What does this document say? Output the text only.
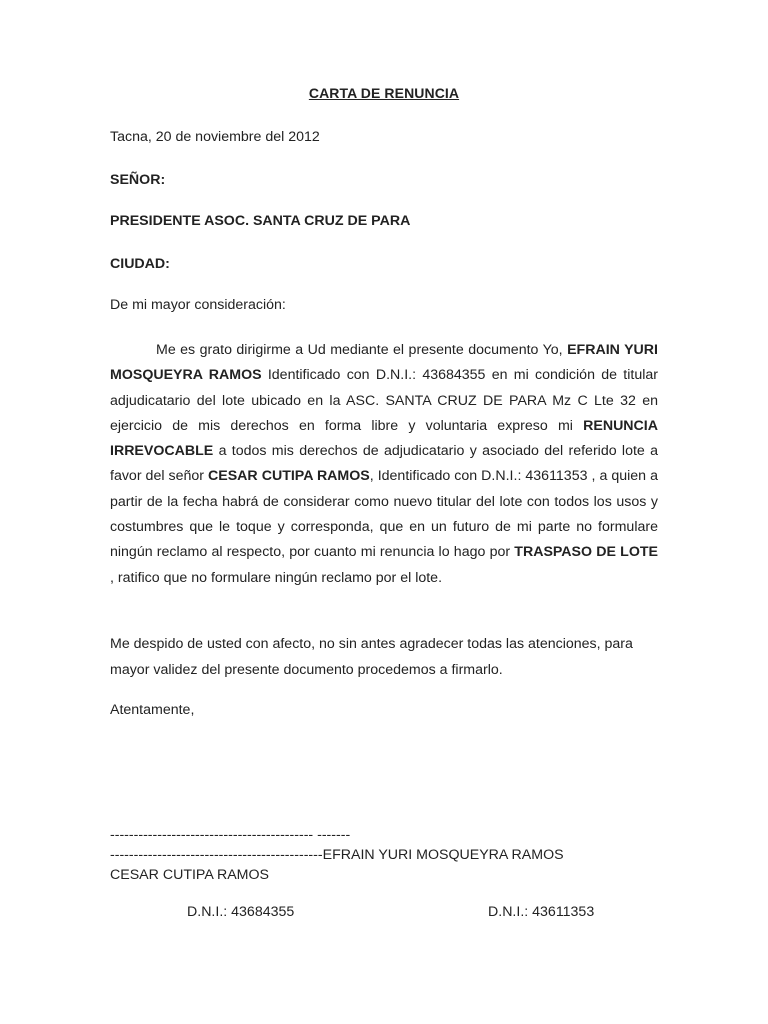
CARTA DE RENUNCIA
Tacna, 20 de noviembre del 2012
SEÑOR:
PRESIDENTE ASOC. SANTA CRUZ DE PARA
CIUDAD:
De mi mayor consideración:
Me es grato dirigirme a Ud mediante el presente documento Yo, EFRAIN YURI MOSQUEYRA RAMOS Identificado con D.N.I.: 43684355 en mi condición de titular adjudicatario del lote ubicado en la ASC. SANTA CRUZ DE PARA Mz C Lte 32 en ejercicio de mis derechos en forma libre y voluntaria expreso mi RENUNCIA IRREVOCABLE a todos mis derechos de adjudicatario y asociado del referido lote a favor del señor CESAR CUTIPA RAMOS, Identificado con D.N.I.: 43611353 , a quien a partir de la fecha habrá de considerar como nuevo titular del lote con todos los usos y costumbres que le toque y corresponda, que en un futuro de mi parte no formulare ningún reclamo al respecto, por cuanto mi renuncia lo hago por TRASPASO DE LOTE , ratifico que no formulare ningún reclamo por el lote.
Me despido de usted con afecto, no sin antes agradecer todas las atenciones, para mayor validez del presente documento procedemos a firmarlo.
Atentamente,
------------------------------------------- -------
---------------------------------------------EFRAIN YURI MOSQUEYRA RAMOS
CESAR CUTIPA RAMOS
D.N.I.: 43684355	D.N.I.: 43611353
